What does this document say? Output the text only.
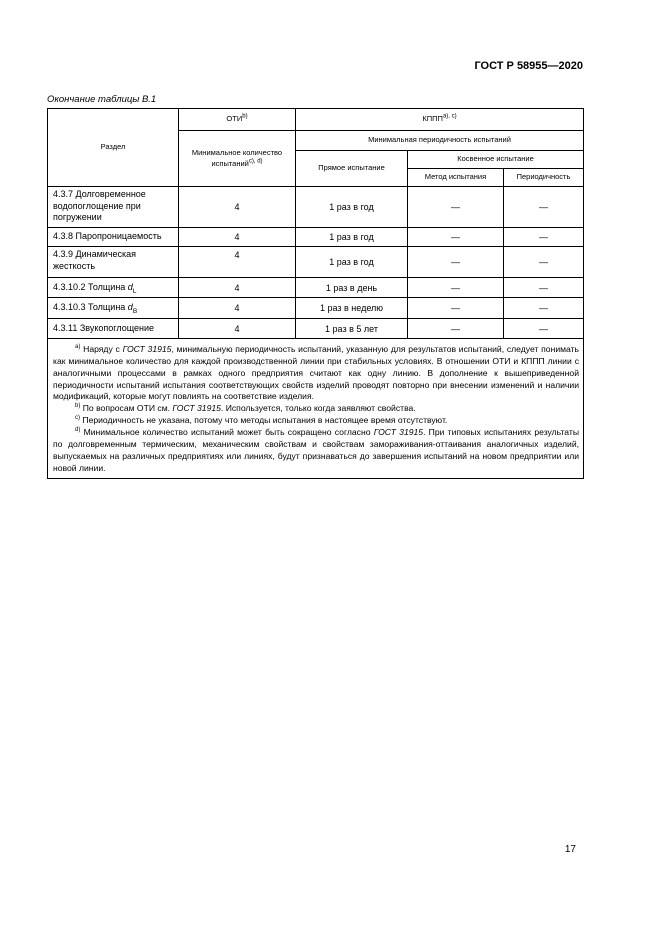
ГОСТ Р 58955—2020
Окончание таблицы В.1
Раздел	ОТИ$^{b)}$	$КППП^{a), c)}$
	Минимальное количество испытаний$^{c), d)}$	Минимальная периодичность испытаний		
		Прямое испытание	Косвенное испытание	
			Метод испытания	Периодичность
4.3.7 Долговременное водопоглощение при погружении	4	1 раз в год	—	—
4.3.8 Паропроницаемость	4	1 раз в год	—	—
4.3.9 Динамическая жесткость	4	1 раз в год	—	—
4.3.10.2 Толщина $d_L$	4	1 раз в день	—	—
4.3.10.3 Толщина $d_B$	4	1 раз в неделю	—	—
4.3.11 Звукопоглощение	4	1 раз в 5 лет	—	—

$^{a)}$ Наряду с ГОСТ 31915, минимальную периодичность испытаний, указанную для результатов испытаний, следует понимать как минимальное количество для каждой производственной линии при стабильных условиях. В отношении ОТИ и КППП линии с аналогичными процессами в рамках одного предприятия считают как одну линию. В дополнение к вышеприведенной периодичности испытаний испытания соответствующих свойств изделий проводят повторно при внесении изменений и наличии модификаций, которые могут повлиять на соответствие изделия.

$^{b)}$ По вопросам ОТИ см. ГОСТ 31915. Используется, только когда заявляют свойства.

$^{c)}$ Периодичность не указана, потому что методы испытания в настоящее время отсутствуют.

$^{d)}$ Минимальное количество испытаний может быть сокращено согласно ГОСТ 31915. При типовых испытаниях результаты по долговременным термическим, механическим свойствам и свойствам замораживания-оттаивания аналогичных изделий, выпускаемых на различных предприятиях или линиях, будут признаваться до завершения испытаний на новом предприятии или новой линии.				

17
